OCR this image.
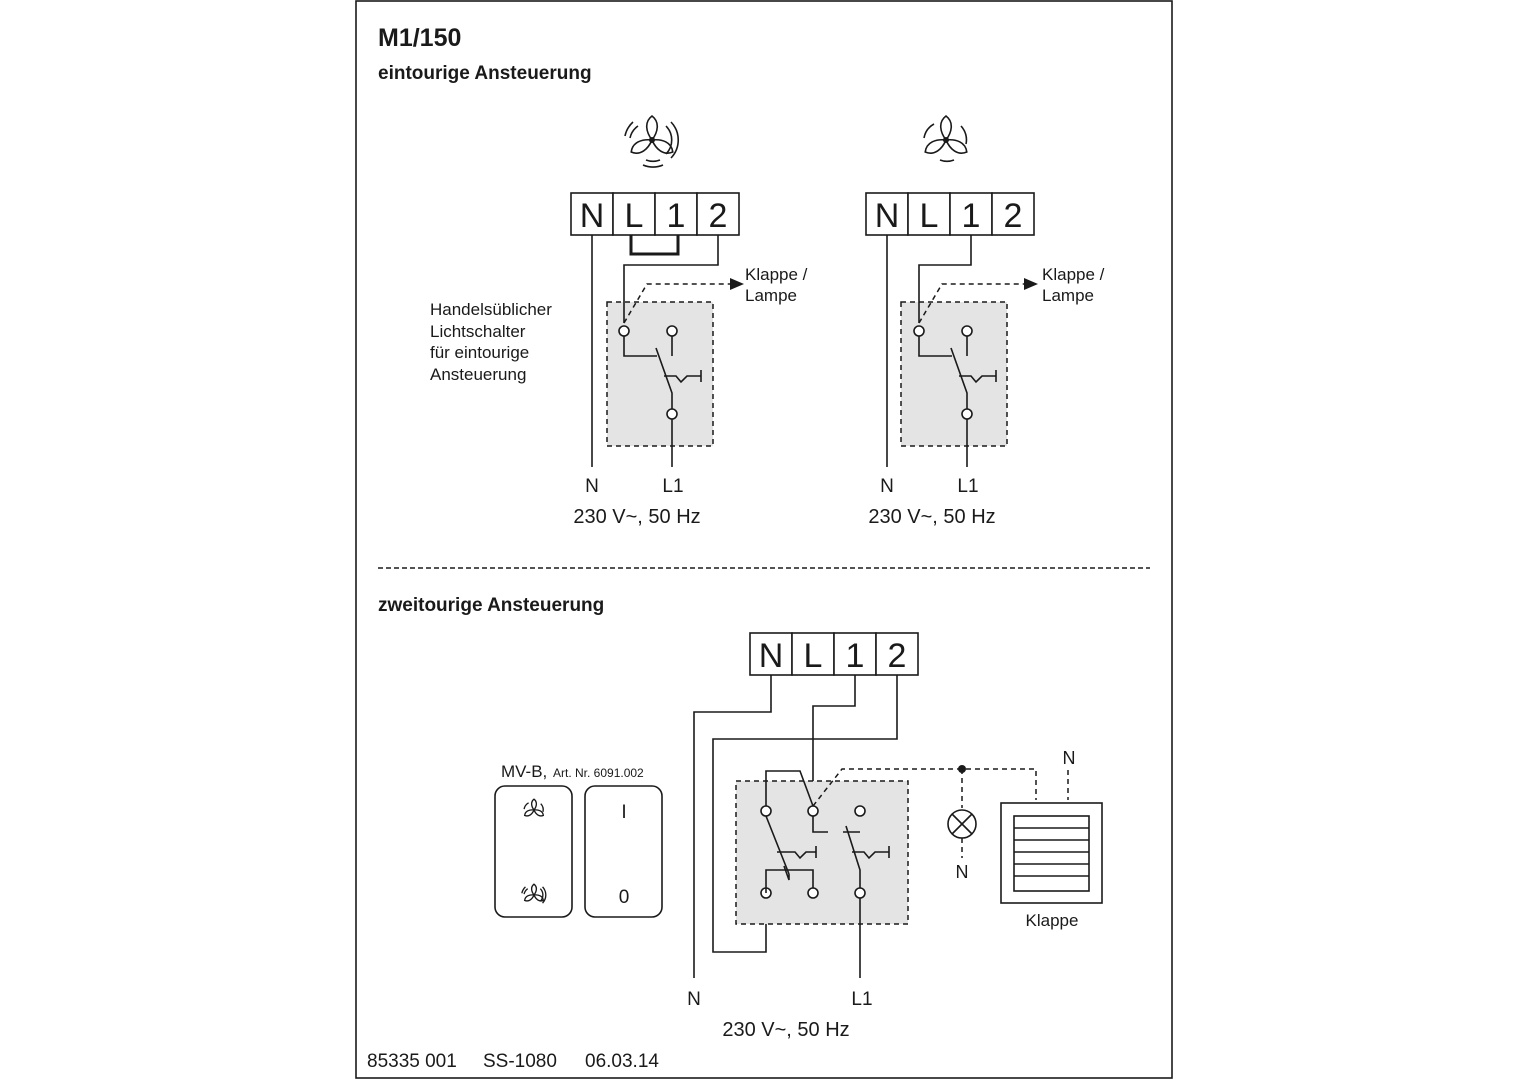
M1/150
eintourige Ansteuerung
zweitourige Ansteuerung
N L 1 2
N	L1
230 V~, 50 Hz
Klappe /
Lampe
Handelsüblicher
Lichtschalter
für eintourige
Ansteuerung
N L 1 2
N	L1
230 V~, 50 Hz
Klappe /
Lampe
N L 1 2
N
N
Klappe
N	L1
230 V~, 50 Hz
MV-B, Art. Nr. 6091.002
I
0
85335 001 SS-1080 06.03.14
